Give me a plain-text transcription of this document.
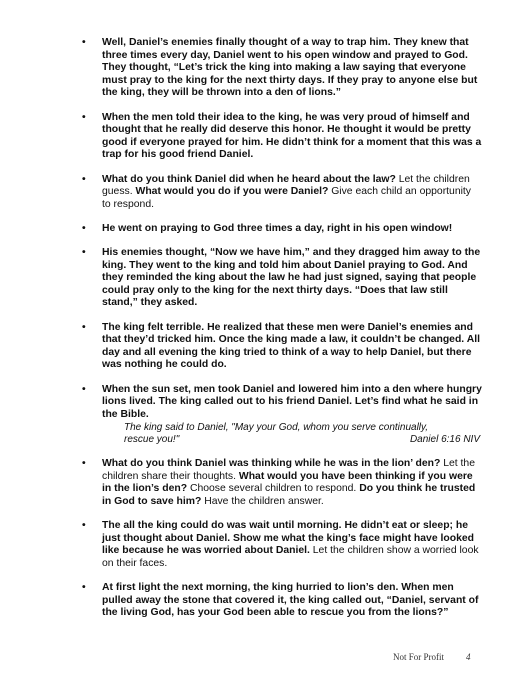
• Well, Daniel’s enemies finally thought of a way to trap him. They knew that three times every day, Daniel went to his open window and prayed to God. They thought, “Let’s trick the king into making a law saying that everyone must pray to the king for the next thirty days. If they pray to anyone else but the king, they will be thrown into a den of lions.”
• When the men told their idea to the king, he was very proud of himself and thought that he really did deserve this honor. He thought it would be pretty good if everyone prayed for him. He didn’t think for a moment that this was a trap for his good friend Daniel.
• What do you think Daniel did when he heard about the law? Let the children guess. What would you do if you were Daniel? Give each child an opportunity to respond.
• He went on praying to God three times a day, right in his open window!
• His enemies thought, “Now we have him,” and they dragged him away to the king. They went to the king and told him about Daniel praying to God. And they reminded the king about the law he had just signed, saying that people could pray only to the king for the next thirty days. “Does that law still stand,” they asked.
• The king felt terrible. He realized that these men were Daniel’s enemies and that they’d tricked him. Once the king made a law, it couldn’t be changed. All day and all evening the king tried to think of a way to help Daniel, but there was nothing he could do.
• When the sun set, men took Daniel and lowered him into a den where hungry lions lived. The king called out to his friend Daniel. Let’s find what he said in the Bible.
The king said to Daniel, "May your God, whom you serve continually,
rescue you!"	Daniel 6:16 NIV
• What do you think Daniel was thinking while he was in the lion’ den? Let the children share their thoughts. What would you have been thinking if you were in the lion’s den? Choose several children to respond. Do you think he trusted in God to save him? Have the children answer.
• The all the king could do was wait until morning. He didn’t eat or sleep; he just thought about Daniel. Show me what the king’s face might have looked like because he was worried about Daniel. Let the children show a worried look on their faces.
• At first light the next morning, the king hurried to lion’s den. When men pulled away the stone that covered it, the king called out, “Daniel, servant of the living God, has your God been able to rescue you from the lions?”
Not For Profit 4
